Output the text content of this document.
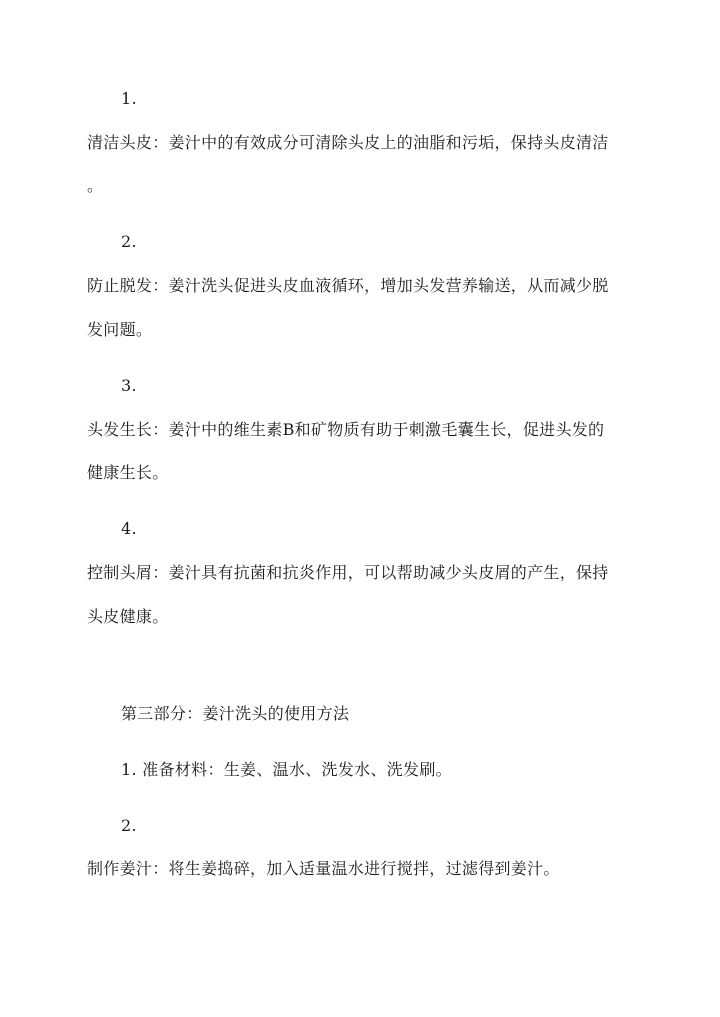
1.
清洁头皮：姜汁中的有效成分可清除头皮上的油脂和污垢，保持头皮清洁
。
2.
防止脱发：姜汁洗头促进头皮血液循环，增加头发营养输送，从而减少脱
发问题。
3.
头发生长：姜汁中的维生素B和矿物质有助于刺激毛囊生长，促进头发的
健康生长。
4.
控制头屑：姜汁具有抗菌和抗炎作用，可以帮助减少头皮屑的产生，保持
头皮健康。
第三部分：姜汁洗头的使用方法
1. 准备材料：生姜、温水、洗发水、洗发刷。
2.
制作姜汁：将生姜捣碎，加入适量温水进行搅拌，过滤得到姜汁。
